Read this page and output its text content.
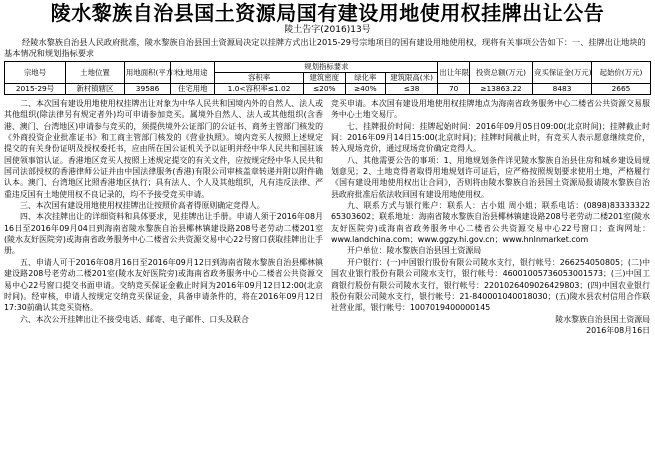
陵水黎族自治县国土资源局国有建设用地使用权挂牌出让公告
陵土告字(2016)13号
经陵水黎族自治县人民政府批准，陵水黎族自治县国土资源局决定以挂牌方式出让2015-29号宗地项目的国有建设用地使用权，现将有关事项公告如下：一、挂牌出让地块的基本情况和规划指标要求
宗地号	土地位置	用地面积(平方米)	土地用途	规划指标要求				出让年限	投资总额(万元)	竞买保证金(万元)	起始价(万元)
				容积率	建筑密度	绿化率	建筑限高(米)				
2015-29号	新村镇辖区	39586	住宅用地	1.0<容积率≤1.02	≤20%	≥40%	≤38	70	≥13863.22	8483	2665

二、本次国有建设用地使用权挂牌出让对象为中华人民共和国境内外的自然人、法人或其他组织(除法律另有规定者外)均可申请参加竞买。属境外自然人、法人或其他组织(含香港、澳门、台湾地区)申请参与竞买的，须提供境外公证部门的公证书、商务主管部门核发的《外商投资企业批准证书》和工商主管部门核发的《营业执照》。境内竞买人按照上述规定提交的有关身份证明及授权委托书，应由所在国公证机关予以证明并经中华人民共和国驻该国使领事馆认证。香港地区竞买人按照上述规定提交的有关文件，应按规定经中华人民共和国司法部授权的香港律师公证并由中国法律服务(香港)有限公司审核盖章转递并附以附件确认本。澳门、台湾地区比照香港地区执行；具有法人、个人及其他组织，凡有违反法律、严重违反国有土地使用权不良记录的，均不予接受竞买申请。

三、本次国有建设用地使用权挂牌出让按照价高者得原则确定竞得人。

四、本次挂牌出让的详细资料和具体要求，见挂牌出让手册。申请人须于2016年08月16日至2016年09月04日到海南省陵水黎族自治县椰林镇建设路208号老劳动二楼201室(陵水友好医院旁)或海南省政务服务中心二楼省公共资源交易中心22号窗口获取挂牌出让手册。

五、申请人可于2016年08月16日至2016年09月12日到海南省陵水黎族自治县椰林镇建设路208号老劳动二楼201室(陵水友好医院旁)或海南省政务服务中心二楼省公共资源交易中心22号窗口提交书面申请。交纳竞买保证金截止时间为2016年09月12日12:00(北京时间)。经审核，申请人按规定交纳竞买保证金，具备申请条件的，将在2016年09月12日17:30前确认其竞买资格。

六、本次公开挂牌出让不接受电话、邮寄、电子邮件、口头及联合

竞买申请。本次国有建设用地使用权挂牌地点为海南省政务服务中心二楼省公共资源交易服务中心土地交易厅。

七、挂牌报价时间：挂牌起始时间：2016年09月05日09:00(北京时间)；挂牌截止时间：2016年09月14日15:00(北京时间)；挂牌时间截止时，有竞买人表示愿意继续竞价，转入现场竞价，通过现场竞价确定竞得人。

八、其他需要公告的事项：1、用地规划条件详见陵水黎族自治县住房和城乡建设局规划意见；2、土地竞得者取得用地规划许可证后，应严格按照规划要求使用土地，严格履行《国有建设用地使用权出让合同》，否则将由陵水黎族自治县国土资源局报请陵水黎族自治县政府批准后依法收回国有建设用地使用权。

九、联系方式与银行账户：联系人：古小姐 周小姐；联系电话：(0898)83333322 65303602；联系地址：海南省陵水黎族自治县椰林镇建设路208号老劳动二楼201室(陵水友好医院旁)或海南省政务服务中心二楼省公共资源交易中心22号窗口；查询网址：www.landchina.com；www.ggzy.hi.gov.cn；www.hnlnmarket.com

开户单位：陵水黎族自治县国土资源局

开户银行：(一)中国银行股份有限公司陵水支行，银行帐号：266254050805；(二)中国农业银行股份有限公司陵水支行，银行帐号：46001005736053001573；(三)中国工商银行股份有限公司陵水支行，银行帐号：2201026409026429803；(四)中国农业银行股份有限公司陵水支行，银行帐号：21-840001040018030；(五)陵水县农村信用合作联社营业部，银行帐号：1007019400000145

陵水黎族自治县国土资源局

2016年08月16日
